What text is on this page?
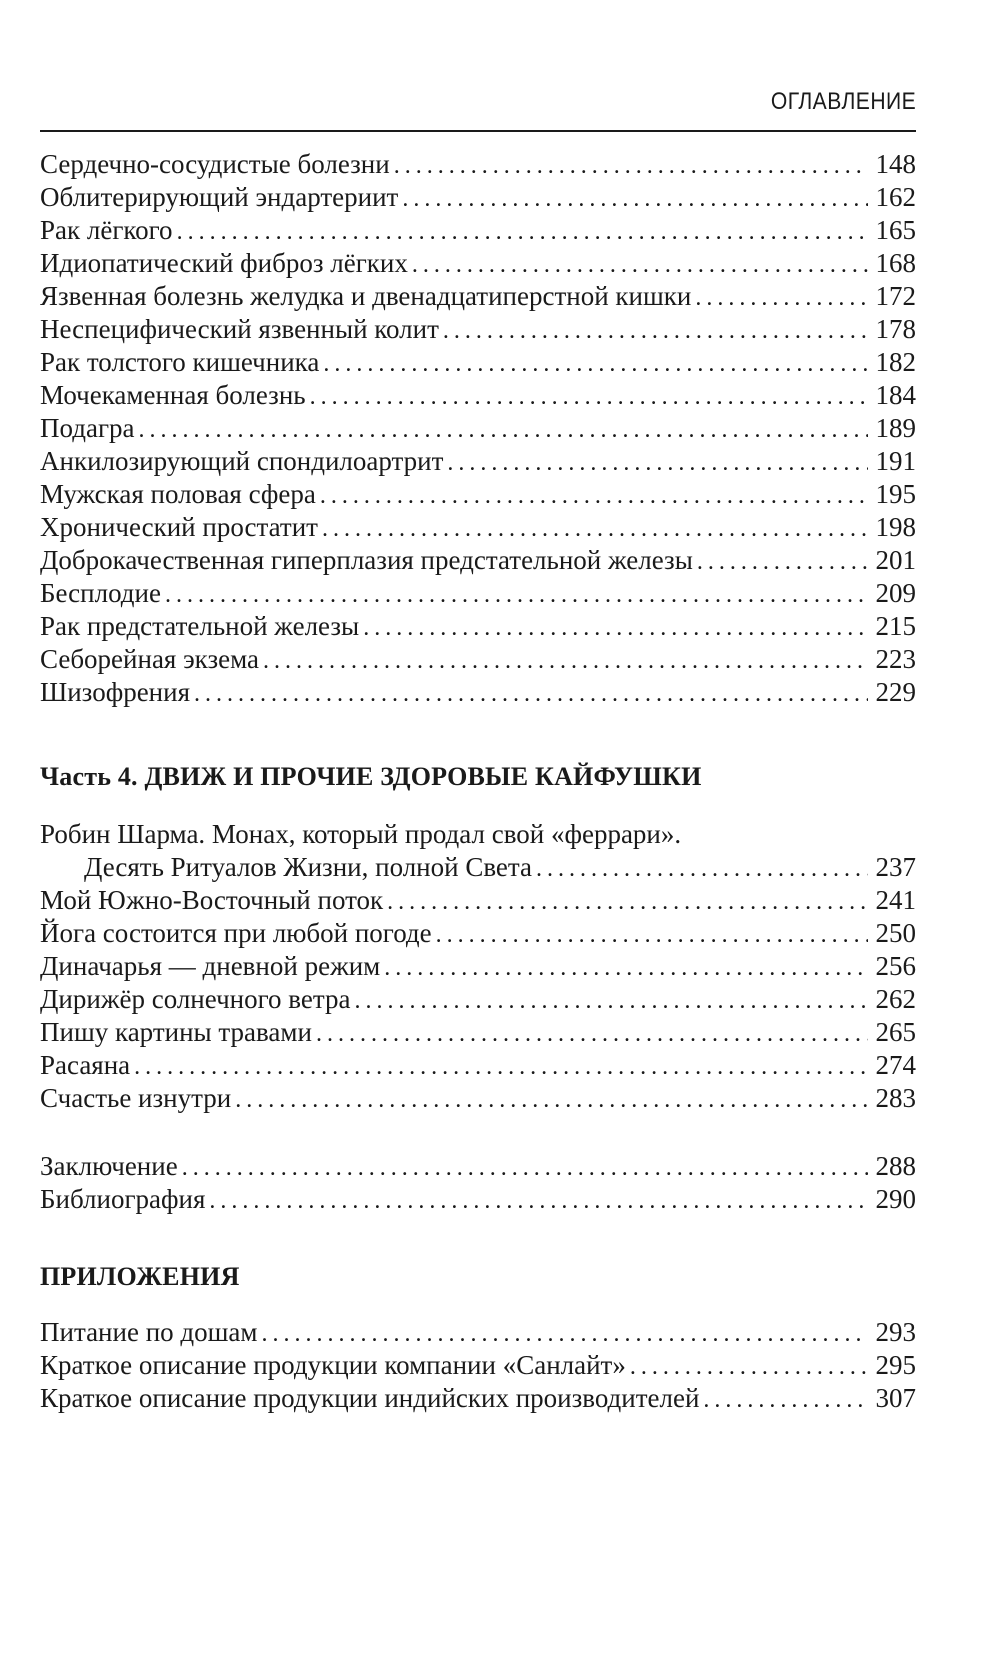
ОГЛАВЛЕНИЕ
Сердечно-сосудистые болезни .....	148
Облитерирующий эндартериит .....	162
Рак лёгкого .....	165
Идиопатический фиброз лёгких .....	168
Язвенная болезнь желудка и двенадцатиперстной кишки .....	172
Неспецифический язвенный колит .....	178
Рак толстого кишечника .....	182
Мочекаменная болезнь .....	184
Подагра .....	189
Анкилозирующий спондилоартрит .....	191
Мужская половая сфера .....	195
Хронический простатит .....	198
Доброкачественная гиперплазия предстательной железы .....	201
Бесплодие .....	209
Рак предстательной железы .....	215
Себорейная экзема .....	223
Шизофрения .....	229
Часть 4. ДВИЖ И ПРОЧИЕ ЗДОРОВЫЕ КАЙФУШКИ
Робин Шарма. Монах, который продал свой «феррари».
Десять Ритуалов Жизни, полной Света .....	237
Мой Южно-Восточный поток .....	241
Йога состоится при любой погоде .....	250
Диначарья — дневной режим .....	256
Дирижёр солнечного ветра .....	262
Пишу картины травами .....	265
Расаяна .....	274
Счастье изнутри .....	283
Заключение .....	288
Библиография .....	290
ПРИЛОЖЕНИЯ
Питание по дошам .....	293
Краткое описание продукции компании «Санлайт» .....	295
Краткое описание продукции индийских производителей .....	307
